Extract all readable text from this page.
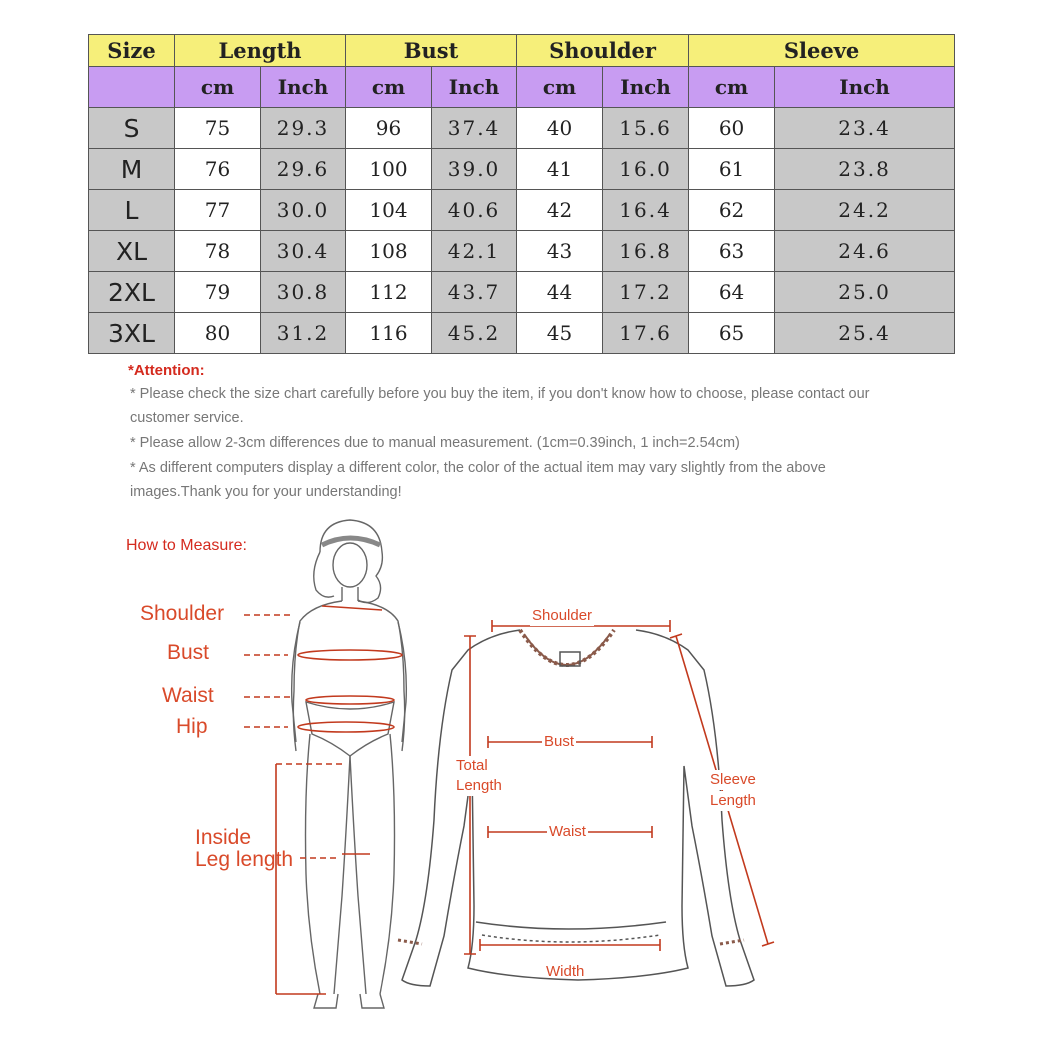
Size	Length		Bust		Shoulder		Sleeve	
	cm	Inch	cm	Inch	cm	Inch	cm	Inch
S	75	29.3	96	37.4	40	15.6	60	23.4
M	76	29.6	100	39.0	41	16.0	61	23.8
L	77	30.0	104	40.6	42	16.4	62	24.2
XL	78	30.4	108	42.1	43	16.8	63	24.6
2XL	79	30.8	112	43.7	44	17.2	64	25.0
3XL	80	31.2	116	45.2	45	17.6	65	25.4
*Attention:
* Please check the size chart carefully before you buy the item, if you don't know how to choose, please contact our customer service.
* Please allow 2-3cm differences due to manual measurement. (1cm=0.39inch, 1 inch=2.54cm)
* As different computers display a different color, the color of the actual item may vary slightly from the above images.Thank you for your understanding!
How to Measure:
Shoulder
Bust
Waist
Hip
Inside
Leg length
Shoulder
Bust
Total
Length
Waist
Sleeve
Length
Width
